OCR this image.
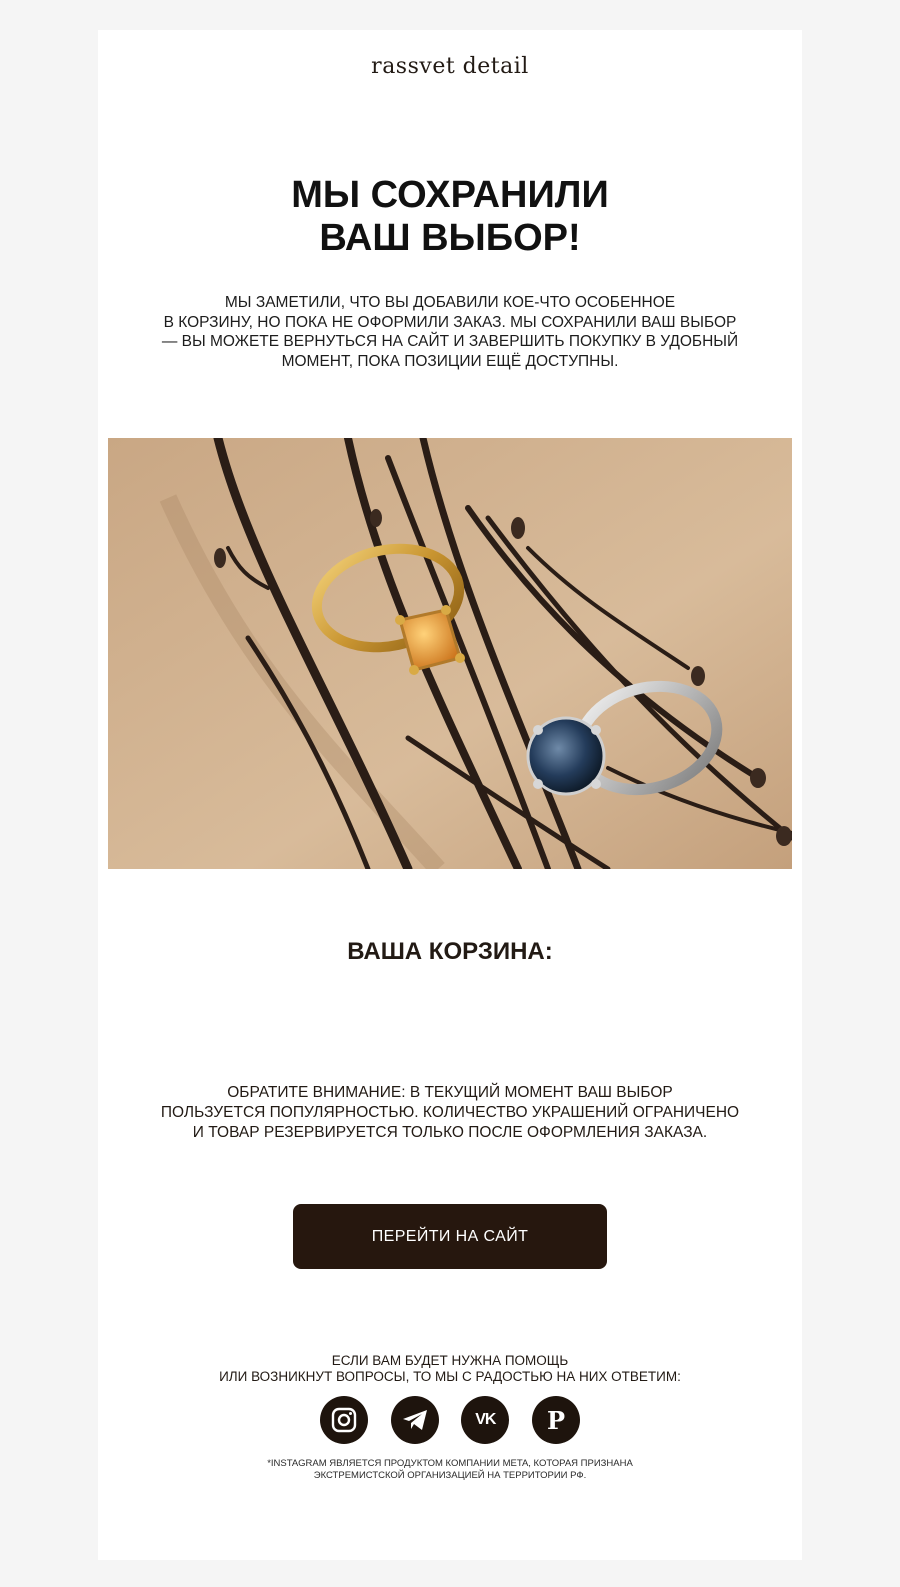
rassvet detail
МЫ СОХРАНИЛИ
ВАШ ВЫБОР!
МЫ ЗАМЕТИЛИ, ЧТО ВЫ ДОБАВИЛИ КОЕ-ЧТО ОСОБЕННОЕ
В КОРЗИНУ, НО ПОКА НЕ ОФОРМИЛИ ЗАКАЗ. МЫ СОХРАНИЛИ ВАШ ВЫБОР
— ВЫ МОЖЕТЕ ВЕРНУТЬСЯ НА САЙТ И ЗАВЕРШИТЬ ПОКУПКУ В УДОБНЫЙ
МОМЕНТ, ПОКА ПОЗИЦИИ ЕЩЁ ДОСТУПНЫ.
ВАША КОРЗИНА:
ОБРАТИТЕ ВНИМАНИЕ: В ТЕКУЩИЙ МОМЕНТ ВАШ ВЫБОР
ПОЛЬЗУЕТСЯ ПОПУЛЯРНОСТЬЮ. КОЛИЧЕСТВО УКРАШЕНИЙ ОГРАНИЧЕНО
И ТОВАР РЕЗЕРВИРУЕТСЯ ТОЛЬКО ПОСЛЕ ОФОРМЛЕНИЯ ЗАКАЗА.
ПЕРЕЙТИ НА САЙТ
ЕСЛИ ВАМ БУДЕТ НУЖНА ПОМОЩЬ
ИЛИ ВОЗНИКНУТ ВОПРОСЫ, ТО МЫ С РАДОСТЬЮ НА НИХ ОТВЕТИМ:
VK P
*INSTAGRAM ЯВЛЯЕТСЯ ПРОДУКТОМ КОМПАНИИ META, КОТОРАЯ ПРИЗНАНА
ЭКСТРЕМИСТСКОЙ ОРГАНИЗАЦИЕЙ НА ТЕРРИТОРИИ РФ.
